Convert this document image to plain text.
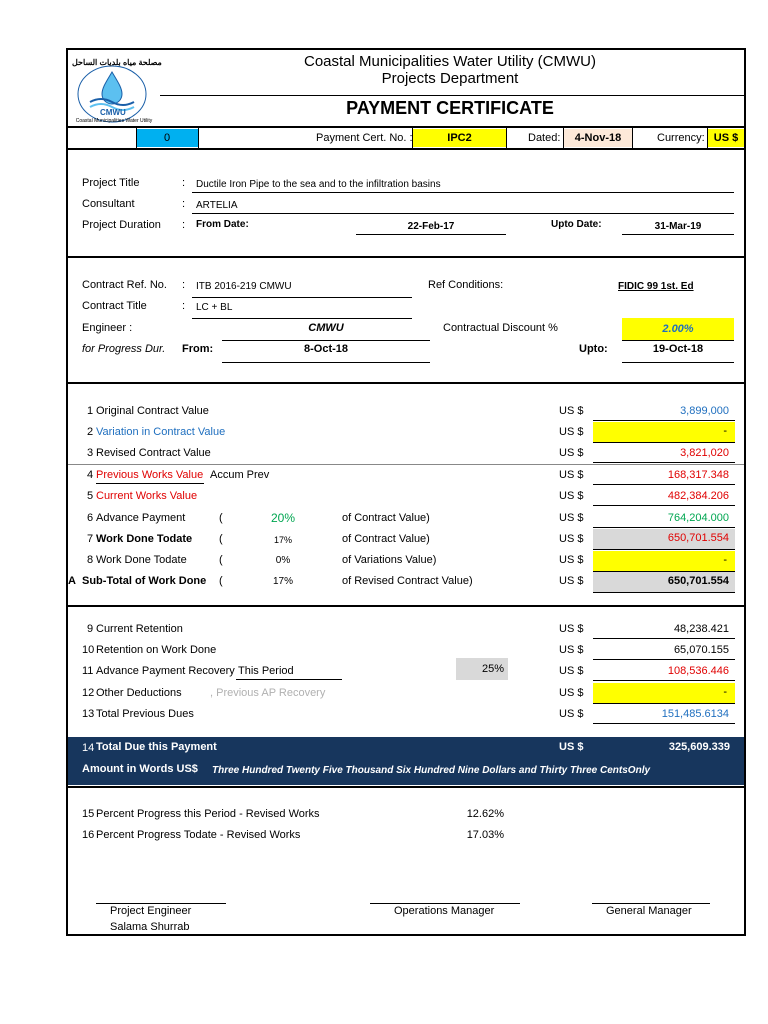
مصلحة مياه بلديات الساحل
CMWU
Coastal Municipalities Water Utility
Coastal Municipalities Water Utility (CMWU)
Projects Department
PAYMENT CERTIFICATE
0	Payment Cert. No. :	IPC2	Dated:	4-Nov-18	Currency: US $
Project Title	: Ductile Iron Pipe to the sea and to the infiltration basins
Consultant	: ARTELIA
Project Duration : From Date:	22-Feb-17	Upto Date:	31-Mar-19
Contract Ref. No. : ITB 2016-219 CMWU	Ref Conditions:	FIDIC 99 1st. Ed
Contract Title	: LC + BL
Engineer :	CMWU	Contractual Discount %	2.00%
for Progress Dur. From:	8-Oct-18	Upto:	19-Oct-18
1 Original Contract Value	US $	3,899,000
2 Variation in Contract Value	US $	-
3 Revised Contract Value	US $	3,821,020
4 Previous Works Value Accum Prev	US $	168,317.348
5 Current Works Value	US $	482,384.206
6 Advance Payment	(	20%	of Contract Value)	US $	764,204.000
7 Work Done Todate (	17%	of Contract Value)	US $	650,701.554
8 Work Done Todate	(	0%	of Variations Value)	US $	-
A Sub-Total of Work Done (	17%	of Revised Contract Value)	US $	650,701.554
9 Current Retention	US $	48,238.421
10 Retention on Work Done	US $	65,070.155
11 Advance Payment Recovery This Period	25%	US $	108,536.446
12 Other Deductions	, Previous AP Recovery	US $	-
13 Total Previous Dues	US $	151,485.6134
14 Total Due this Payment	US $	325,609.339
Amount in Words US$ Three Hundred Twenty Five Thousand Six Hundred Nine Dollars and Thirty Three CentsOnly
15 Percent Progress this Period - Revised Works	12.62%
16 Percent Progress Todate - Revised Works	17.03%
Project Engineer
Salama Shurrab
Operations Manager	General Manager
